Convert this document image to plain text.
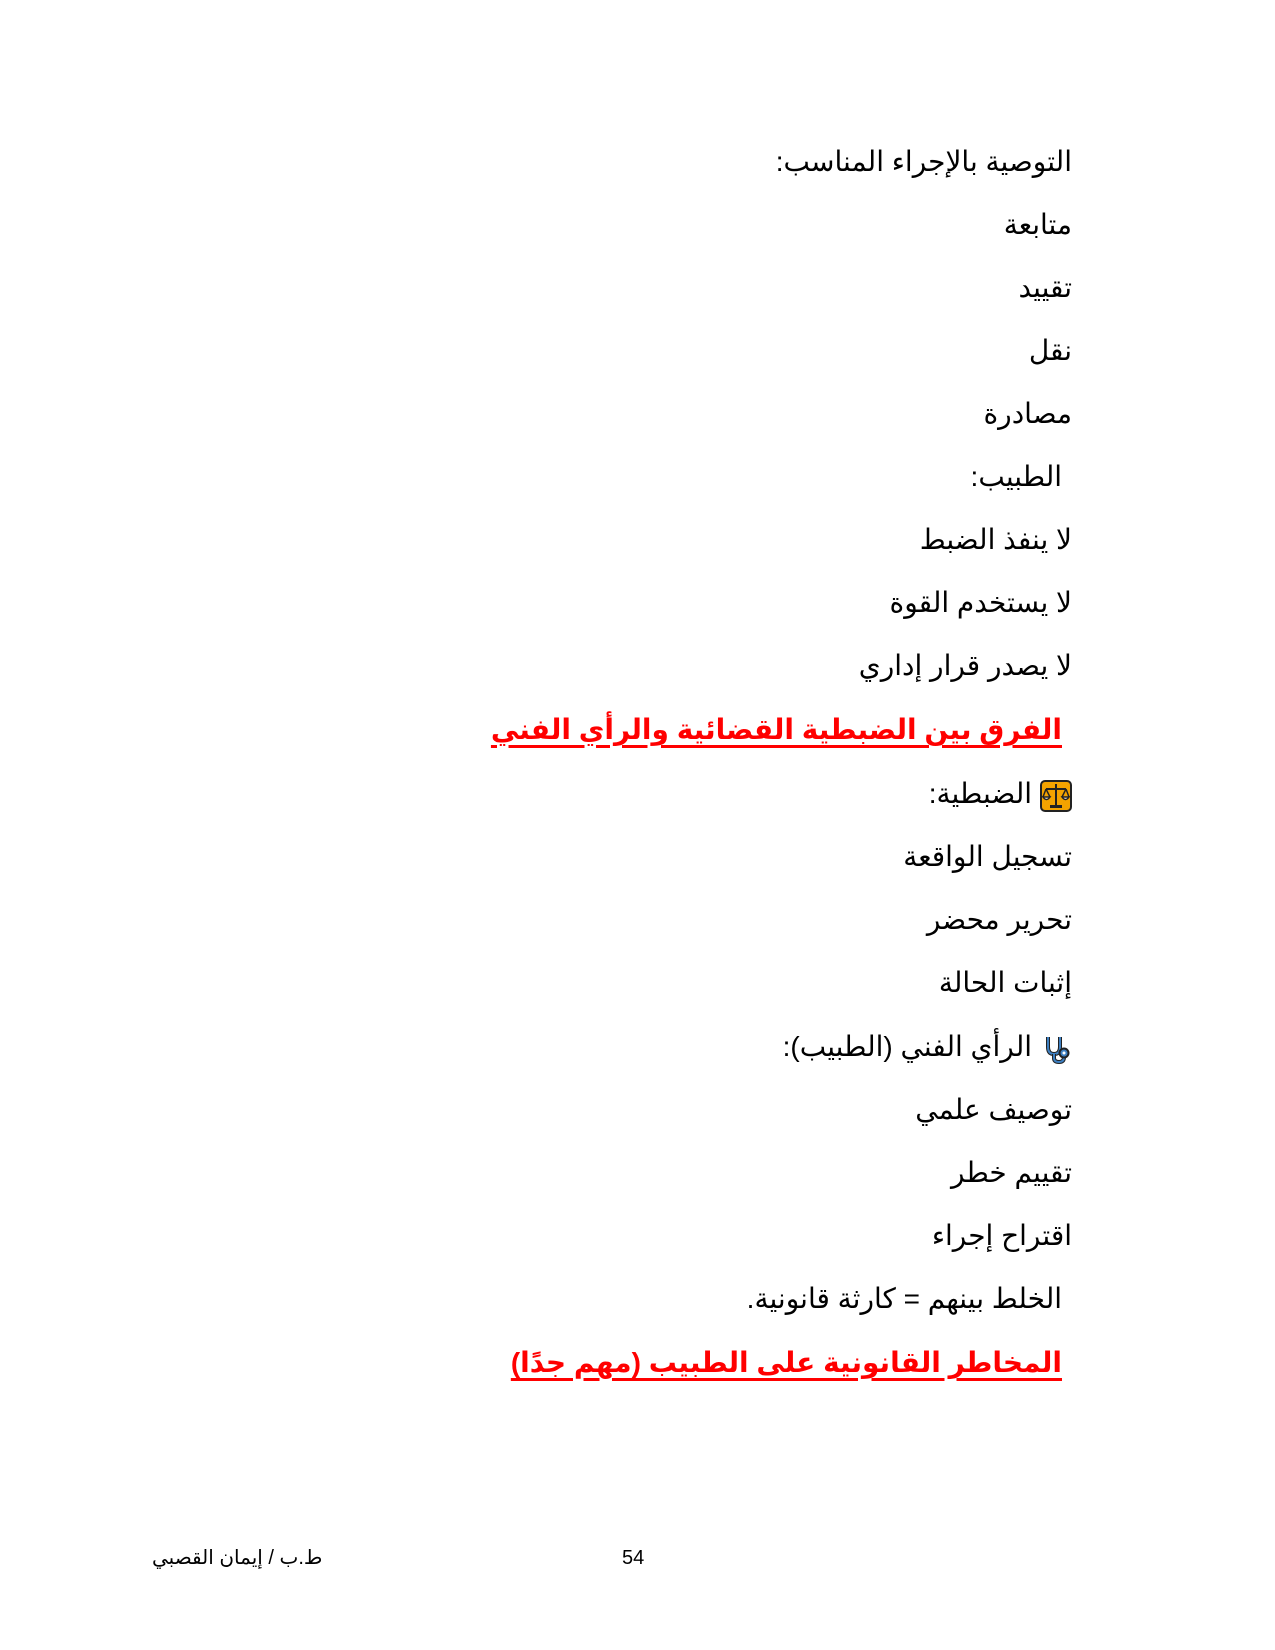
التوصية بالإجراء المناسب:
متابعة
تقييد
نقل
مصادرة
الطبيب:
لا ينفذ الضبط
لا يستخدم القوة
لا يصدر قرار إداري
الفرق بين الضبطية القضائية والرأي الفني
الضبطية:
تسجيل الواقعة
تحرير محضر
إثبات الحالة
الرأي الفني (الطبيب):
توصيف علمي
تقييم خطر
اقتراح إجراء
الخلط بينهم = كارثة قانونية.
المخاطر القانونية على الطبيب (مهم جدًا)
ط.ب / إيمان القصبي	54
